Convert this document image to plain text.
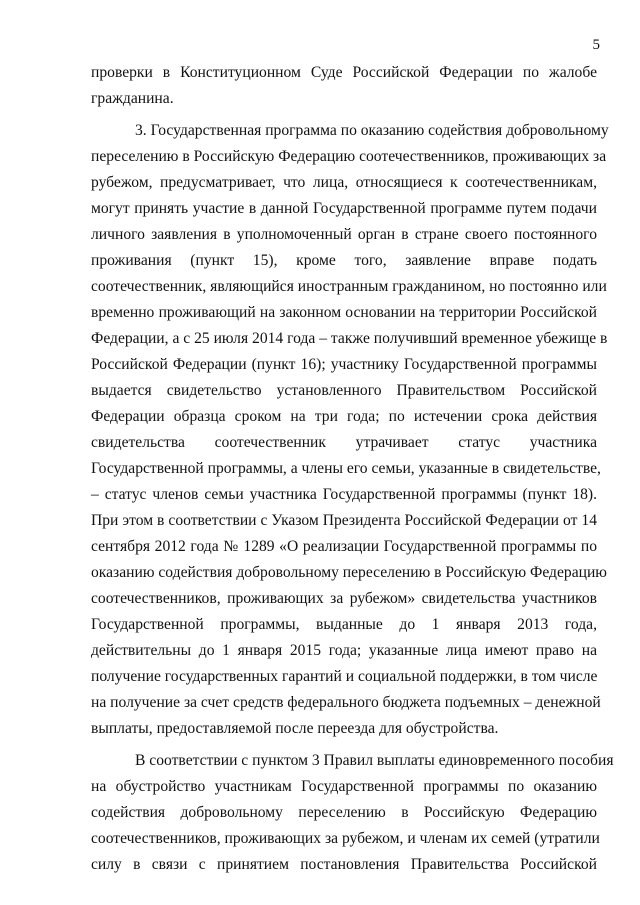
5
проверки в Конституционном Суде Российской Федерации по жалобе
гражданина.
3. Государственная программа по оказанию содействия добровольному
переселению в Российскую Федерацию соотечественников, проживающих за
рубежом, предусматривает, что лица, относящиеся к соотечественникам,
могут принять участие в данной Государственной программе путем подачи
личного заявления в уполномоченный орган в стране своего постоянного
проживания (пункт 15), кроме того, заявление вправе подать
соотечественник, являющийся иностранным гражданином, но постоянно или
временно проживающий на законном основании на территории Российской
Федерации, а с 25 июля 2014 года – также получивший временное убежище в
Российской Федерации (пункт 16); участнику Государственной программы
выдается свидетельство установленного Правительством Российской
Федерации образца сроком на три года; по истечении срока действия
свидетельства соотечественник утрачивает статус участника
Государственной программы, а члены его семьи, указанные в свидетельстве,
– статус членов семьи участника Государственной программы (пункт 18).
При этом в соответствии с Указом Президента Российской Федерации от 14
сентября 2012 года № 1289 «О реализации Государственной программы по
оказанию содействия добровольному переселению в Российскую Федерацию
соотечественников, проживающих за рубежом» свидетельства участников
Государственной программы, выданные до 1 января 2013 года,
действительны до 1 января 2015 года; указанные лица имеют право на
получение государственных гарантий и социальной поддержки, в том числе
на получение за счет средств федерального бюджета подъемных – денежной
выплаты, предоставляемой после переезда для обустройства.
В соответствии с пунктом 3 Правил выплаты единовременного пособия
на обустройство участникам Государственной программы по оказанию
содействия добровольному переселению в Российскую Федерацию
соотечественников, проживающих за рубежом, и членам их семей (утратили
силу в связи с принятием постановления Правительства Российской
